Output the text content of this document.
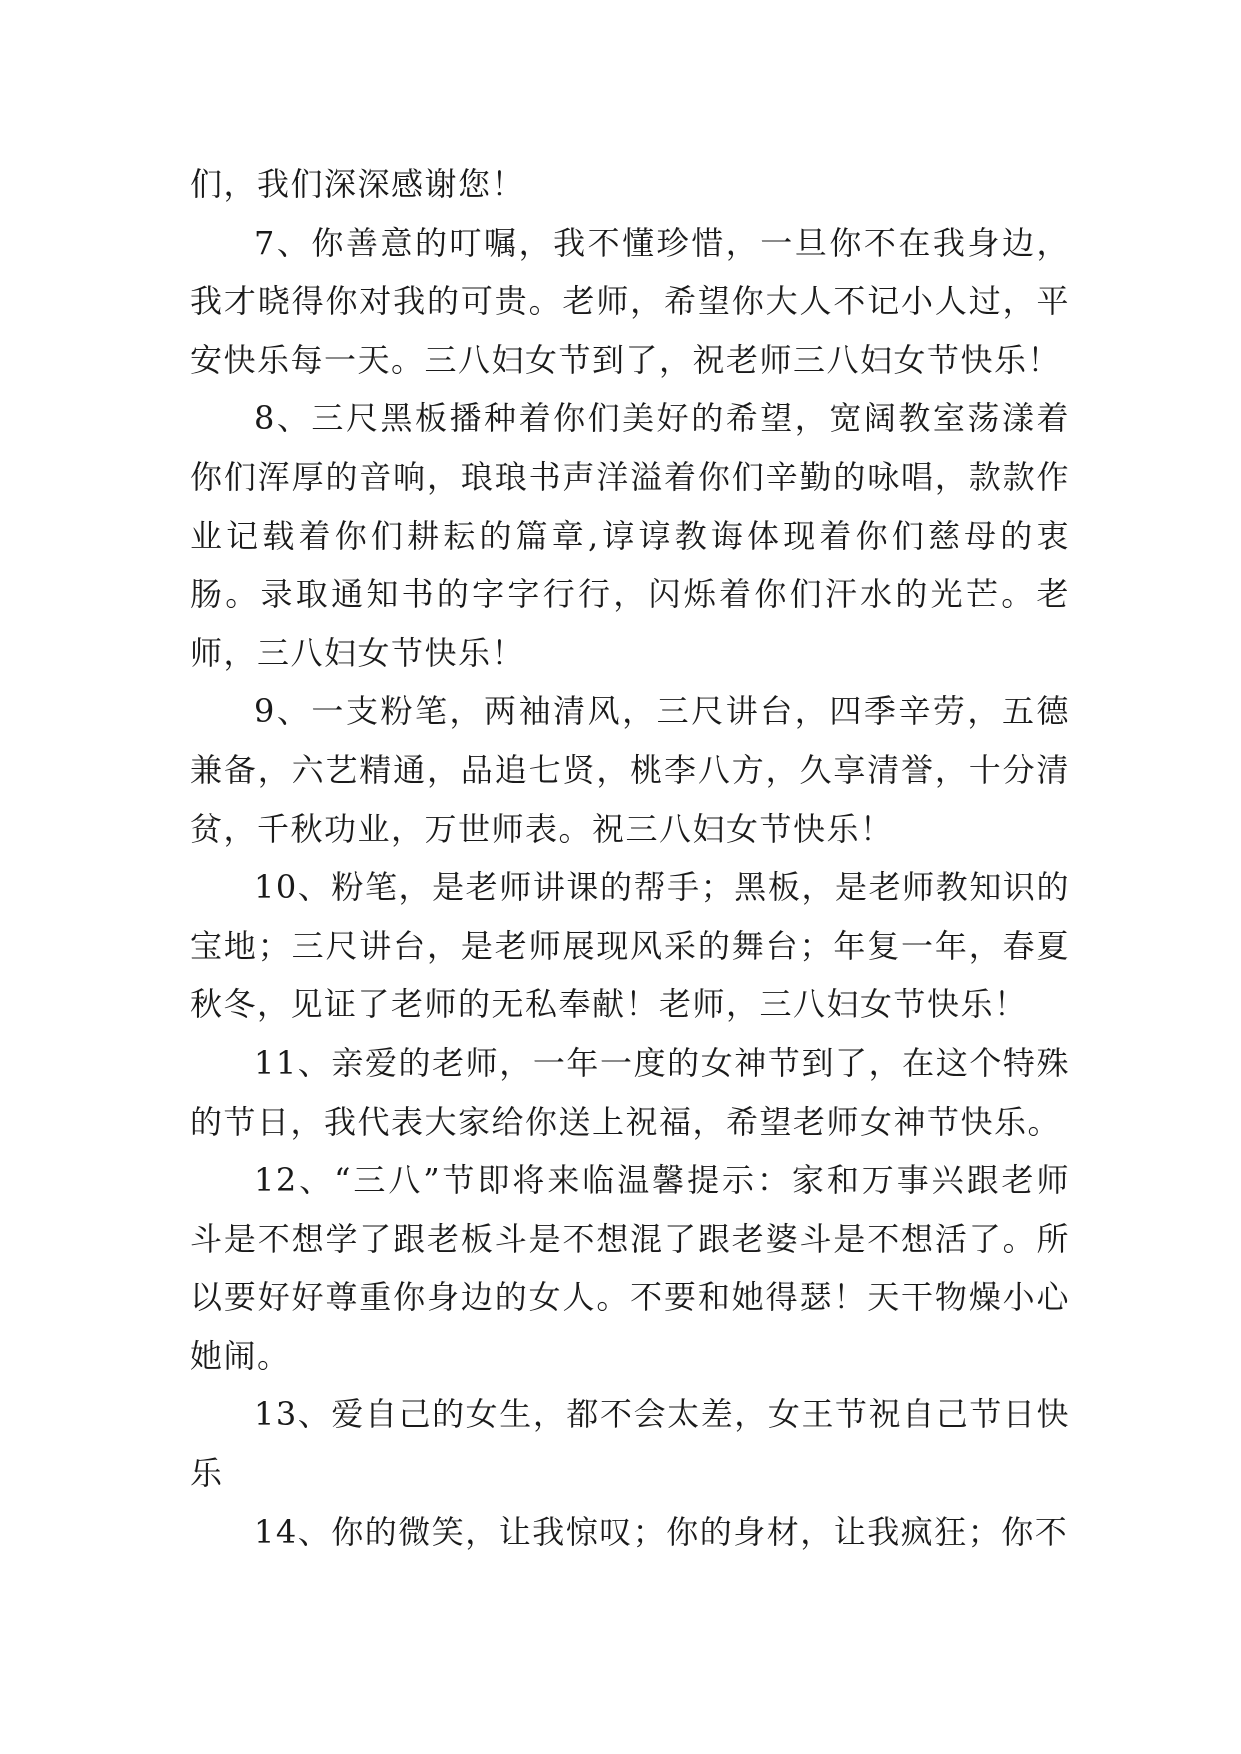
们，我们深深感谢您！

7、你善意的叮嘱，我不懂珍惜，一旦你不在我身边，我才晓得你对我的可贵。老师，希望你大人不记小人过，平安快乐每一天。三八妇女节到了，祝老师三八妇女节快乐！

8、三尺黑板播种着你们美好的希望，宽阔教室荡漾着你们浑厚的音响，琅琅书声洋溢着你们辛勤的咏唱，款款作业记载着你们耕耘的篇章,谆谆教诲体现着你们慈母的衷肠。录取通知书的字字行行，闪烁着你们汗水的光芒。老师，三八妇女节快乐！

9、一支粉笔，两袖清风，三尺讲台，四季辛劳，五德兼备，六艺精通，品追七贤，桃李八方，久享清誉，十分清贫，千秋功业，万世师表。祝三八妇女节快乐！

10、粉笔，是老师讲课的帮手；黑板，是老师教知识的宝地；三尺讲台，是老师展现风采的舞台；年复一年，春夏秋冬，见证了老师的无私奉献！老师，三八妇女节快乐！

11、亲爱的老师，一年一度的女神节到了，在这个特殊的节日，我代表大家给你送上祝福，希望老师女神节快乐。

12、“三八”节即将来临温馨提示：家和万事兴跟老师斗是不想学了跟老板斗是不想混了跟老婆斗是不想活了。所以要好好尊重你身边的女人。不要和她得瑟！天干物燥小心她闹。

13、爱自己的女生，都不会太差，女王节祝自己节日快乐

14、你的微笑，让我惊叹；你的身材，让我疯狂；你不
